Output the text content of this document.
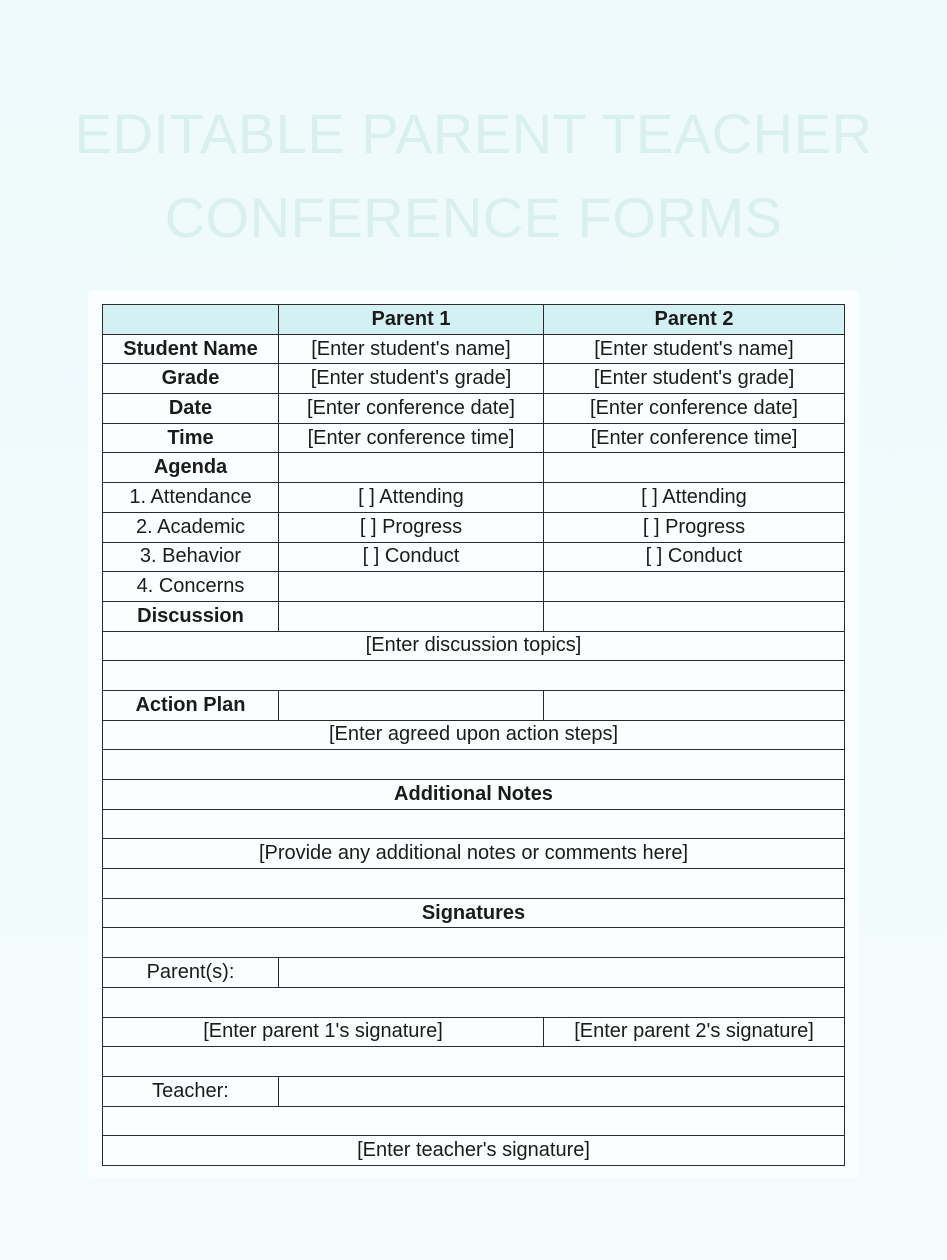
EDITABLE PARENT TEACHER
CONFERENCE FORMS
	Parent 1	Parent 2
Student Name	[Enter student's name]	[Enter student's name]
Grade	[Enter student's grade]	[Enter student's grade]
Date	[Enter conference date]	[Enter conference date]
Time	[Enter conference time]	[Enter conference time]
Agenda		
1. Attendance	[ ] Attending	[ ] Attending
2. Academic	[ ] Progress	[ ] Progress
3. Behavior	[ ] Conduct	[ ] Conduct
4. Concerns		
Discussion		
[Enter discussion topics]		

Action Plan		
[Enter agreed upon action steps]		

Additional Notes		

[Provide any additional notes or comments here]		

Signatures		

Parent(s):		

[Enter parent 1's signature]		[Enter parent 2's signature]

Teacher:		

[Enter teacher's signature]		
